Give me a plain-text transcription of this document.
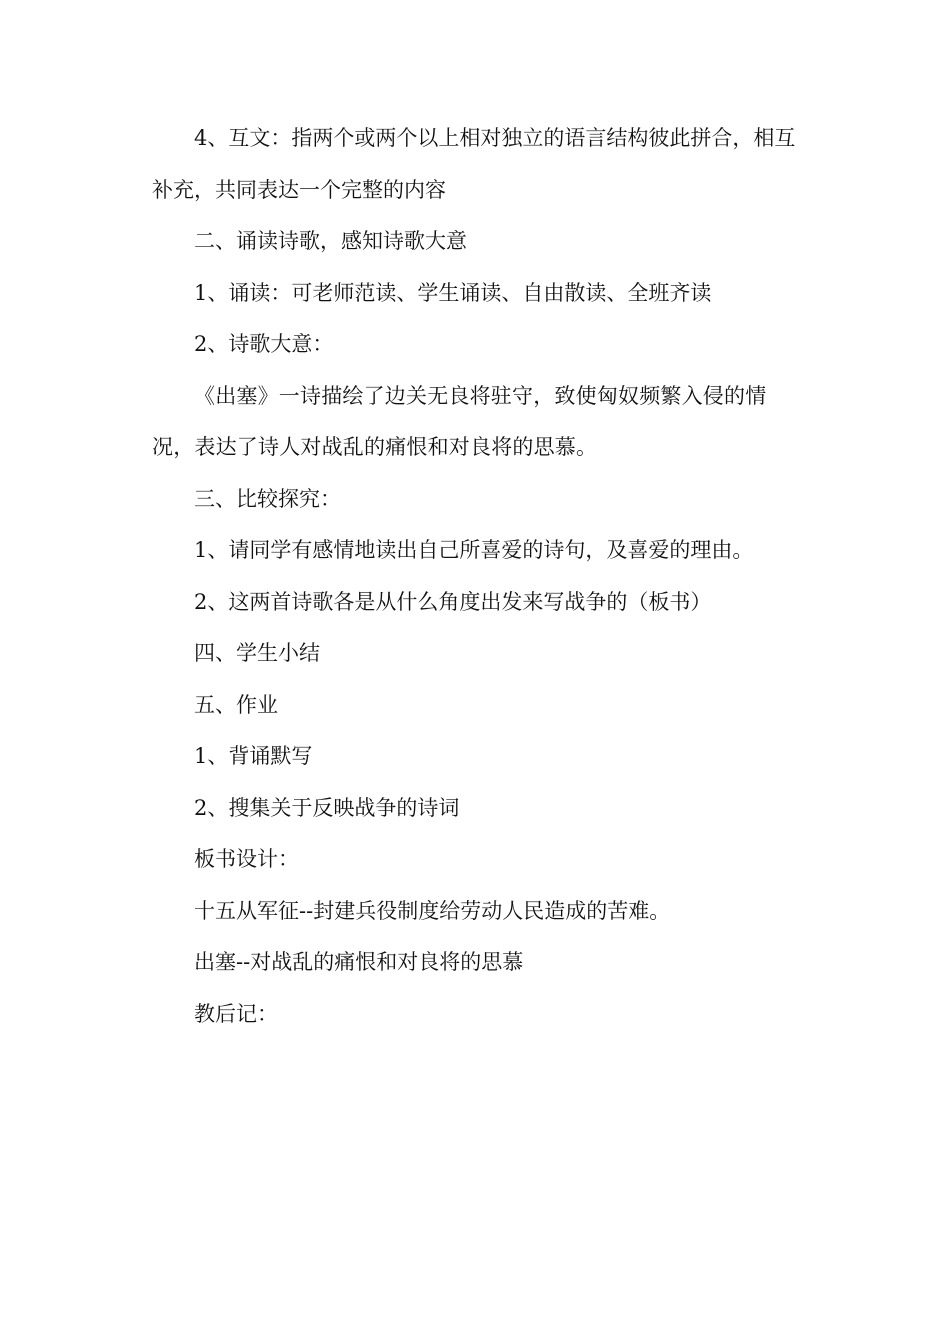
4、互文：指两个或两个以上相对独立的语言结构彼此拼合，相互补充，共同表达一个完整的内容

二、诵读诗歌，感知诗歌大意

1、诵读：可老师范读、学生诵读、自由散读、全班齐读

2、诗歌大意：

《出塞》一诗描绘了边关无良将驻守，致使匈奴频繁入侵的情况，表达了诗人对战乱的痛恨和对良将的思慕。

三、比较探究：

1、请同学有感情地读出自己所喜爱的诗句，及喜爱的理由。

2、这两首诗歌各是从什么角度出发来写战争的（板书）

四、学生小结

五、作业

1、背诵默写

2、搜集关于反映战争的诗词

板书设计：

十五从军征--封建兵役制度给劳动人民造成的苦难。

出塞--对战乱的痛恨和对良将的思慕

教后记：
